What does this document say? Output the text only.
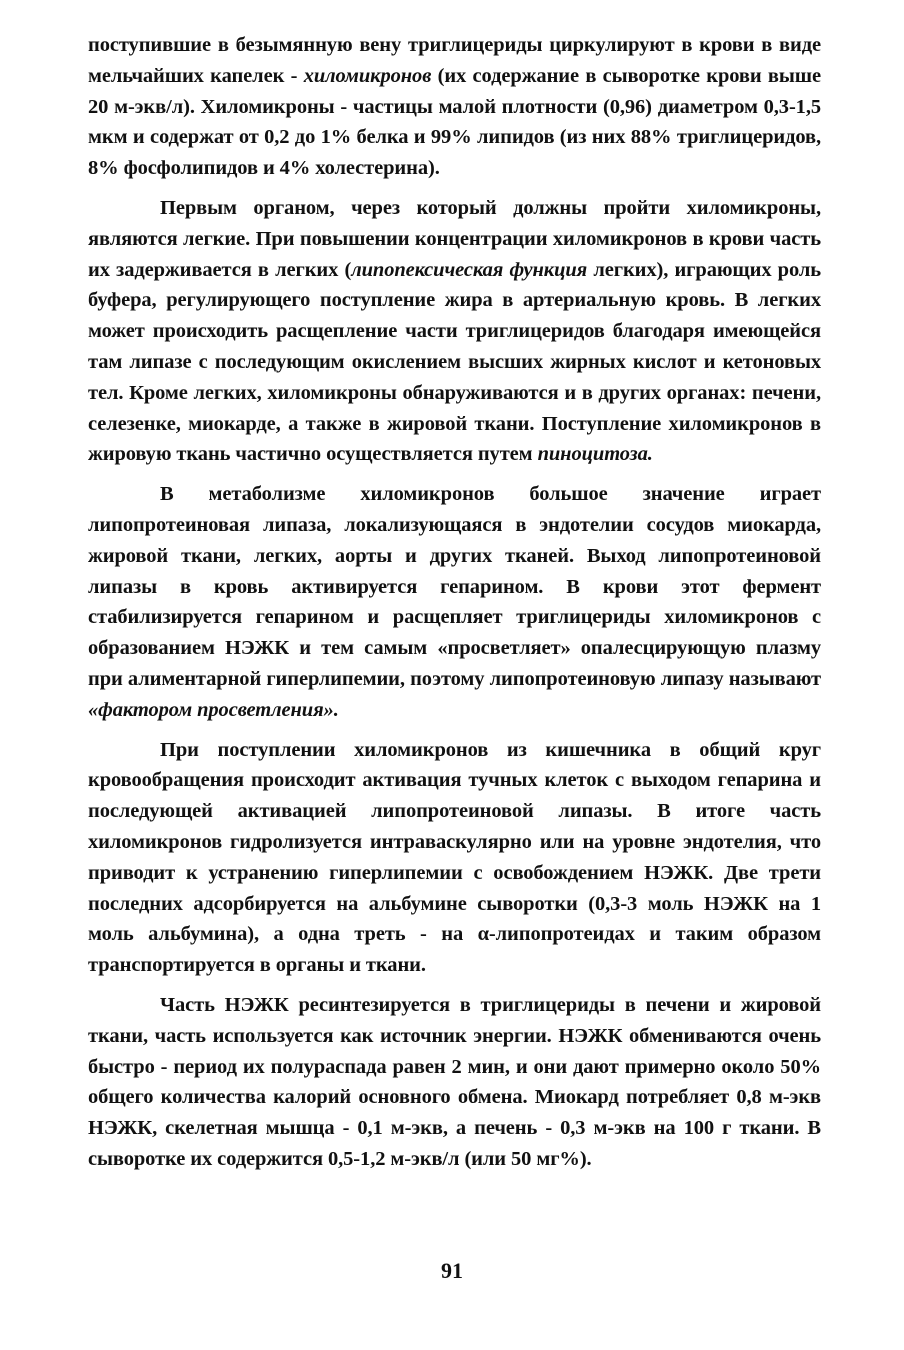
поступившие в безымянную вену триглицериды циркулируют в крови в виде мельчайших капелек - хиломикронов (их содержание в сыворотке крови выше 20 м-экв/л). Хиломикроны - частицы малой плотности (0,96) диаметром 0,3-1,5 мкм и содержат от 0,2 до 1% белка и 99% липидов (из них 88% триглицеридов, 8% фосфолипидов и 4% холестерина).

Первым органом, через который должны пройти хиломикроны, являются легкие. При повышении концентрации хиломикронов в крови часть их задерживается в легких (липопексическая функция легких), играющих роль буфера, регулирующего поступление жира в артериальную кровь. В легких может происходить расщепление части триглицеридов благодаря имеющейся там липазе с последующим окислением высших жирных кислот и кетоновых тел. Кроме легких, хиломикроны обнаруживаются и в других органах: печени, селезенке, миокарде, а также в жировой ткани. Поступление хиломикронов в жировую ткань частично осуществляется путем пиноцитоза.

В метаболизме хиломикронов большое значение играет липопротеиновая липаза, локализующаяся в эндотелии сосудов миокарда, жировой ткани, легких, аорты и других тканей. Выход липопротеиновой липазы в кровь активируется гепарином. В крови этот фермент стабилизируется гепарином и расщепляет триглицериды хиломикронов с образованием НЭЖК и тем самым «просветляет» опалесцирующую плазму при алиментарной гиперлипемии, поэтому липопротеиновую липазу называют «фактором просветления».

При поступлении хиломикронов из кишечника в общий круг кровообращения происходит активация тучных клеток с выходом гепарина и последующей активацией липопротеиновой липазы. В итоге часть хиломикронов гидролизуется интраваскулярно или на уровне эндотелия, что приводит к устранению гиперлипемии с освобождением НЭЖК. Две трети последних адсорбируется на альбумине сыворотки (0,3-3 моль НЭЖК на 1 моль альбумина), а одна треть - на α-липопротеидах и таким образом транспортируется в органы и ткани.

Часть НЭЖК ресинтезируется в триглицериды в печени и жировой ткани, часть используется как источник энергии. НЭЖК обмениваются очень быстро - период их полураспада равен 2 мин, и они дают примерно около 50% общего количества калорий основного обмена. Миокард потребляет 0,8 м-экв НЭЖК, скелетная мышца - 0,1 м-экв, а печень - 0,3 м-экв на 100 г ткани. В сыворотке их содержится 0,5-1,2 м-экв/л (или 50 мг%).

91
